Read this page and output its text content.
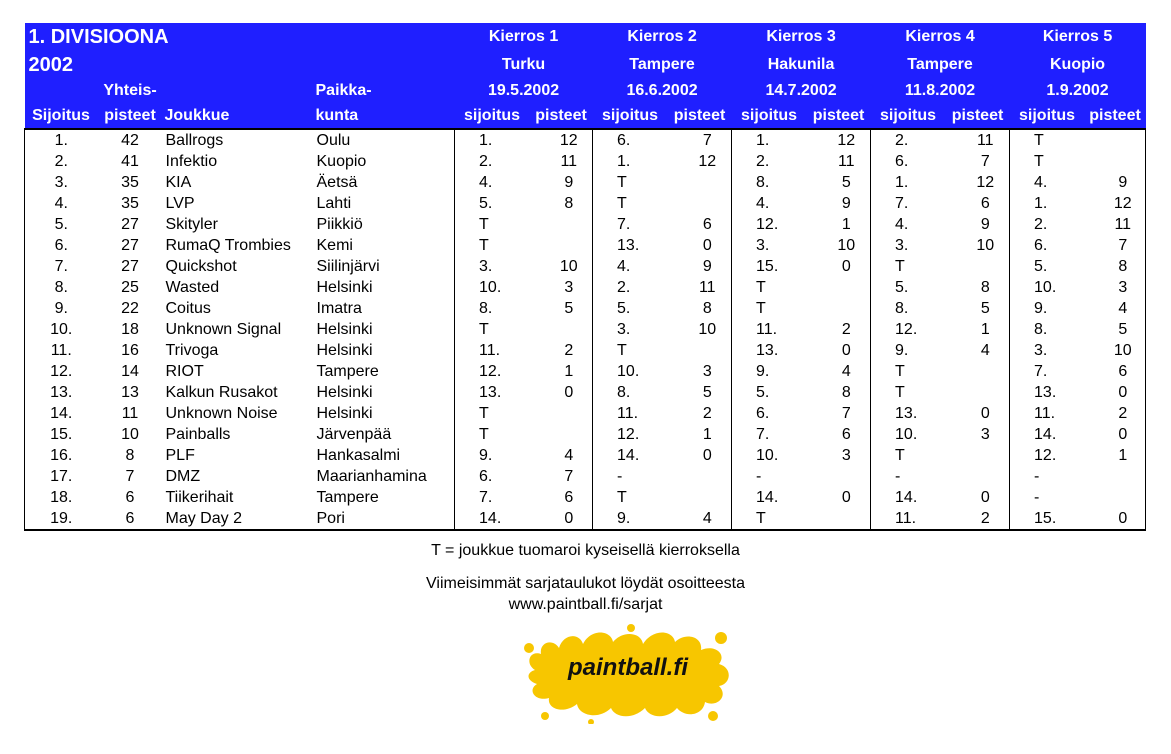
1. DIVISIOONA				Kierros 1		Kierros 2		Kierros 3		Kierros 4		Kierros 5	
2002				Turku		Tampere		Hakunila		Tampere		Kuopio	
	Yhteis-		Paikka-	19.5.2002		16.6.2002		14.7.2002		11.8.2002		1.9.2002	
Sijoitus	pisteet	Joukkue	kunta	sijoitus	pisteet	sijoitus	pisteet	sijoitus	pisteet	sijoitus	pisteet	sijoitus	pisteet
1.	42	Ballrogs	Oulu	1.	12	6.	7	1.	12	2.	11	T	
2.	41	Infektio	Kuopio	2.	11	1.	12	2.	11	6.	7	T	
3.	35	KIA	Äetsä	4.	9	T		8.	5	1.	12	4.	9
4.	35	LVP	Lahti	5.	8	T		4.	9	7.	6	1.	12
5.	27	Skityler	Piikkiö	T		7.	6	12.	1	4.	9	2.	11
6.	27	RumaQ Trombies	Kemi	T		13.	0	3.	10	3.	10	6.	7
7.	27	Quickshot	Siilinjärvi	3.	10	4.	9	15.	0	T		5.	8
8.	25	Wasted	Helsinki	10.	3	2.	11	T		5.	8	10.	3
9.	22	Coitus	Imatra	8.	5	5.	8	T		8.	5	9.	4
10.	18	Unknown Signal	Helsinki	T		3.	10	11.	2	12.	1	8.	5
11.	16	Trivoga	Helsinki	11.	2	T		13.	0	9.	4	3.	10
12.	14	RIOT	Tampere	12.	1	10.	3	9.	4	T		7.	6
13.	13	Kalkun Rusakot	Helsinki	13.	0	8.	5	5.	8	T		13.	0
14.	11	Unknown Noise	Helsinki	T		11.	2	6.	7	13.	0	11.	2
15.	10	Painballs	Järvenpää	T		12.	1	7.	6	10.	3	14.	0
16.	8	PLF	Hankasalmi	9.	4	14.	0	10.	3	T		12.	1
17.	7	DMZ	Maarianhamina	6.	7	-		-		-		-	
18.	6	Tiikerihait	Tampere	7.	6	T		14.	0	14.	0	-	
19.	6	May Day 2	Pori	14.	0	9.	4	T		11.	2	15.	0
T = joukkue tuomaroi kyseisellä kierroksella
Viimeisimmät sarjataulukot löydät osoitteesta
www.paintball.fi/sarjat
paintball.fi
